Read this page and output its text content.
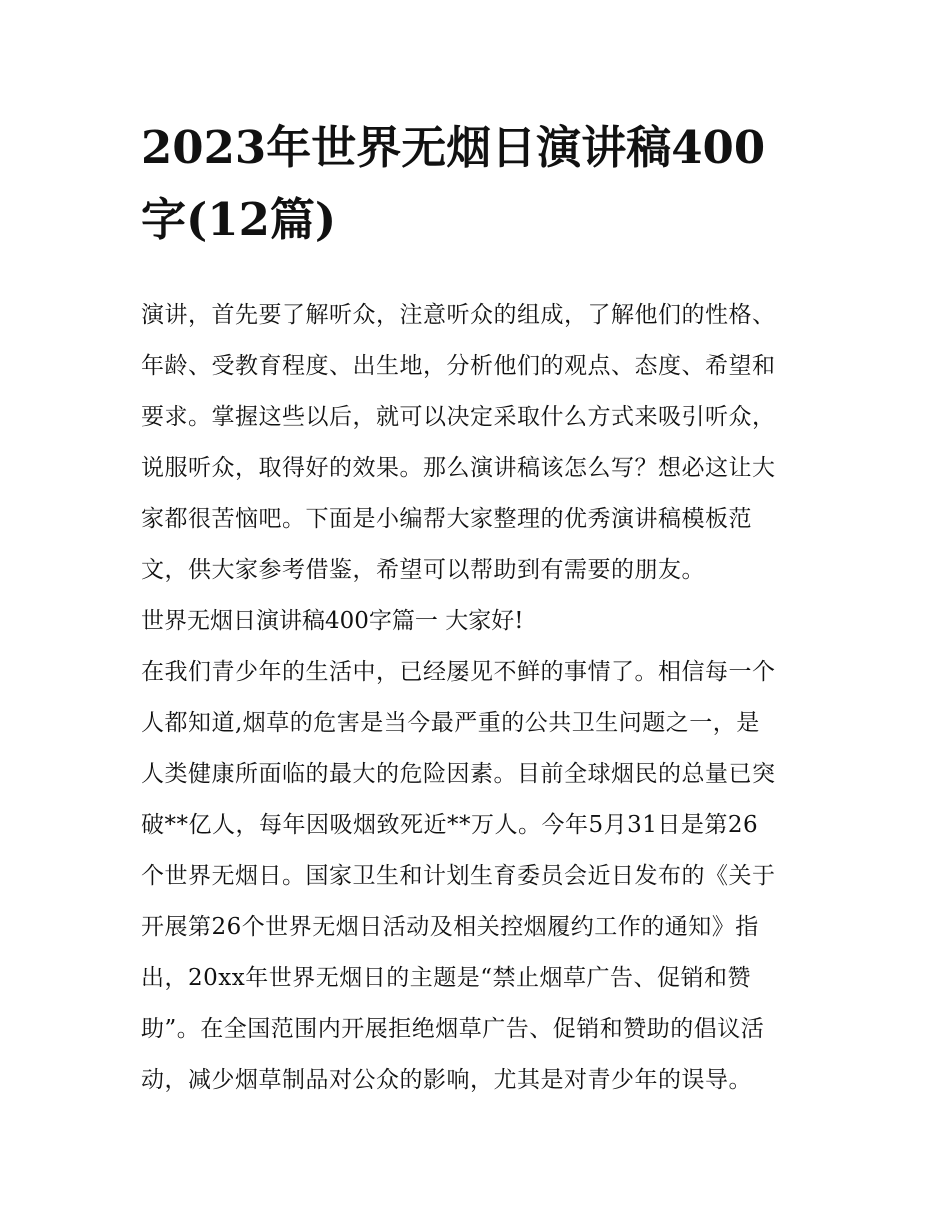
2023年世界无烟日演讲稿400
字(12篇)
演讲，首先要了解听众，注意听众的组成，了解他们的性格、
年龄、受教育程度、出生地，分析他们的观点、态度、希望和
要求。掌握这些以后，就可以决定采取什么方式来吸引听众，
说服听众，取得好的效果。那么演讲稿该怎么写？想必这让大
家都很苦恼吧。下面是小编帮大家整理的优秀演讲稿模板范
文，供大家参考借鉴，希望可以帮助到有需要的朋友。
世界无烟日演讲稿400字篇一 大家好!
在我们青少年的生活中，已经屡见不鲜的事情了。相信每一个
人都知道,烟草的危害是当今最严重的公共卫生问题之一，是
人类健康所面临的最大的危险因素。目前全球烟民的总量已突
破**亿人，每年因吸烟致死近**万人。今年5月31日是第26
个世界无烟日。国家卫生和计划生育委员会近日发布的《关于
开展第26个世界无烟日活动及相关控烟履约工作的通知》指
出，20xx年世界无烟日的主题是“禁止烟草广告、促销和赞
助”。在全国范围内开展拒绝烟草广告、促销和赞助的倡议活
动，减少烟草制品对公众的影响，尤其是对青少年的误导。
